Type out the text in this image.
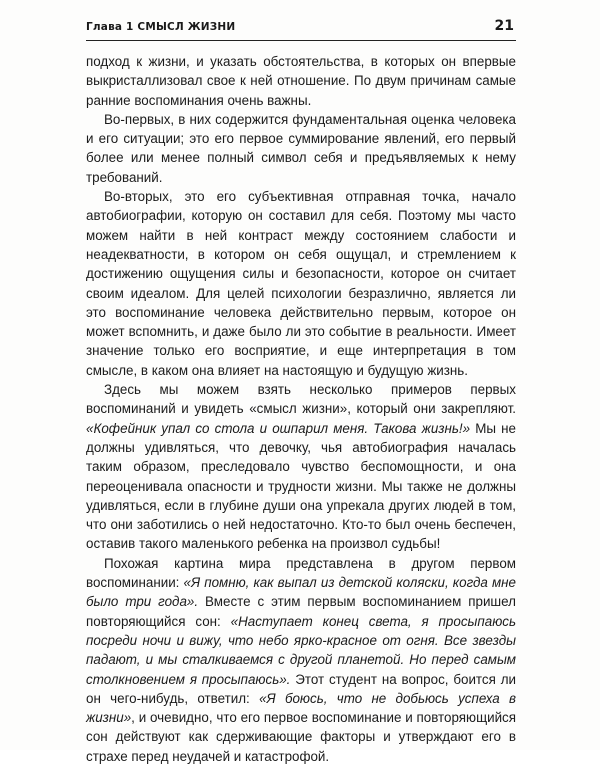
Глава 1 СМЫСЛ ЖИЗНИ	21

подход к жизни, и указать обстоятельства, в которых он впервые выкристаллизовал свое к ней отношение. По двум причинам самые ранние воспоминания очень важны.

Во-первых, в них содержится фундаментальная оценка человека и его ситуации; это его первое суммирование явлений, его первый более или менее полный символ себя и предъявляемых к нему требований.

Во-вторых, это его субъективная отправная точка, начало автобиографии, которую он составил для себя. Поэтому мы часто можем найти в ней контраст между состоянием слабости и неадекватности, в котором он себя ощущал, и стремлением к достижению ощущения силы и безопасности, которое он считает своим идеалом. Для целей психологии безразлично, является ли это воспоминание человека действительно первым, которое он может вспомнить, и даже было ли это событие в реальности. Имеет значение только его восприятие, и еще интерпретация в том смысле, в каком она влияет на настоящую и будущую жизнь.

Здесь мы можем взять несколько примеров первых воспоминаний и увидеть «смысл жизни», который они закрепляют. «Кофейник упал со стола и ошпарил меня. Такова жизнь!» Мы не должны удивляться, что девочку, чья автобиография началась таким образом, преследовало чувство беспомощности, и она переоценивала опасности и трудности жизни. Мы также не должны удивляться, если в глубине души она упрекала других людей в том, что они заботились о ней недостаточно. Кто-то был очень беспечен, оставив такого маленького ребенка на произвол судьбы!

Похожая картина мира представлена в другом первом воспоминании: «Я помню, как выпал из детской коляски, когда мне было три года». Вместе с этим первым воспоминанием пришел повторяющийся сон: «Наступает конец света, я просыпаюсь посреди ночи и вижу, что небо ярко-красное от огня. Все звезды падают, и мы сталкиваемся с другой планетой. Но перед самым столкновением я просыпаюсь». Этот студент на вопрос, боится ли он чего-нибудь, ответил: «Я боюсь, что не добьюсь успеха в жизни», и очевидно, что его первое воспоминание и повторяющийся сон действуют как сдерживающие факторы и утверждают его в страхе перед неудачей и катастрофой.
